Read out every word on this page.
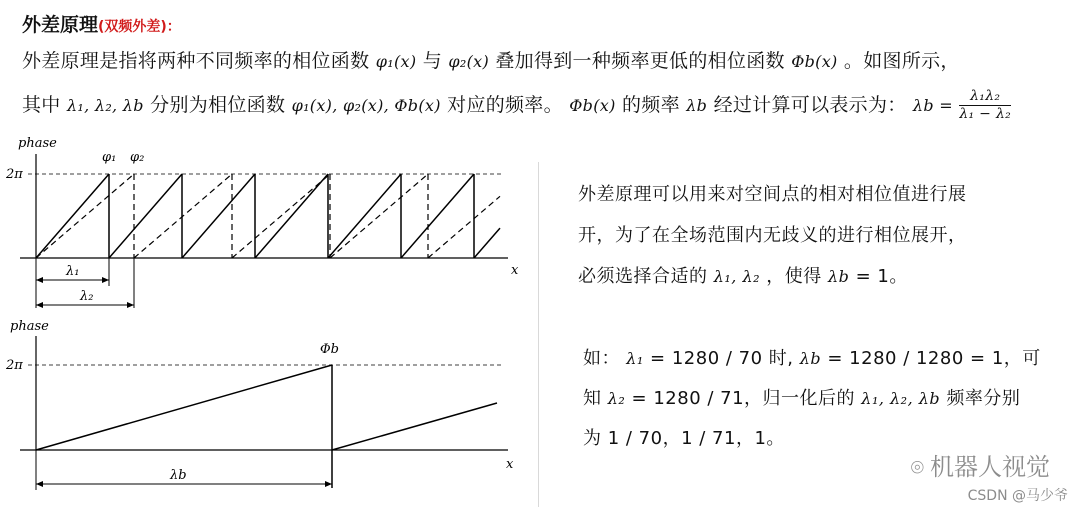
外差原理(双频外差)：
外差原理是指将两种不同频率的相位函数 φ₁(x) 与 φ₂(x) 叠加得到一种频率更低的相位函数 Φb(x) 。如图所示，
其中 λ₁, λ₂, λb 分别为相位函数 φ₁(x), φ₂(x), Φb(x) 对应的频率。 Φb(x) 的频率 λb 经过计算可以表示为： $\lambda b = \frac{\text{λ₁λ₂}}{\text{λ₁ − λ₂}}$
phase
x
2π
φ₁ φ₂
λ₁
λ₂
phase
x
2π
Φb
λb
外差原理可以用来对空间点的相对相位值进行展
开，为了在全场范围内无歧义的进行相位展开，
必须选择合适的 λ₁, λ₂ ，使得 λb = 1。
如： λ₁ = 1280 / 70 时, λb = 1280 / 1280 = 1，可
知 λ₂ = 1280 / 71，归一化后的 λ₁, λ₂, λb 频率分别
为 1 / 70，1 / 71，1。
⌾ 机器人视觉
CSDN @马少爷
